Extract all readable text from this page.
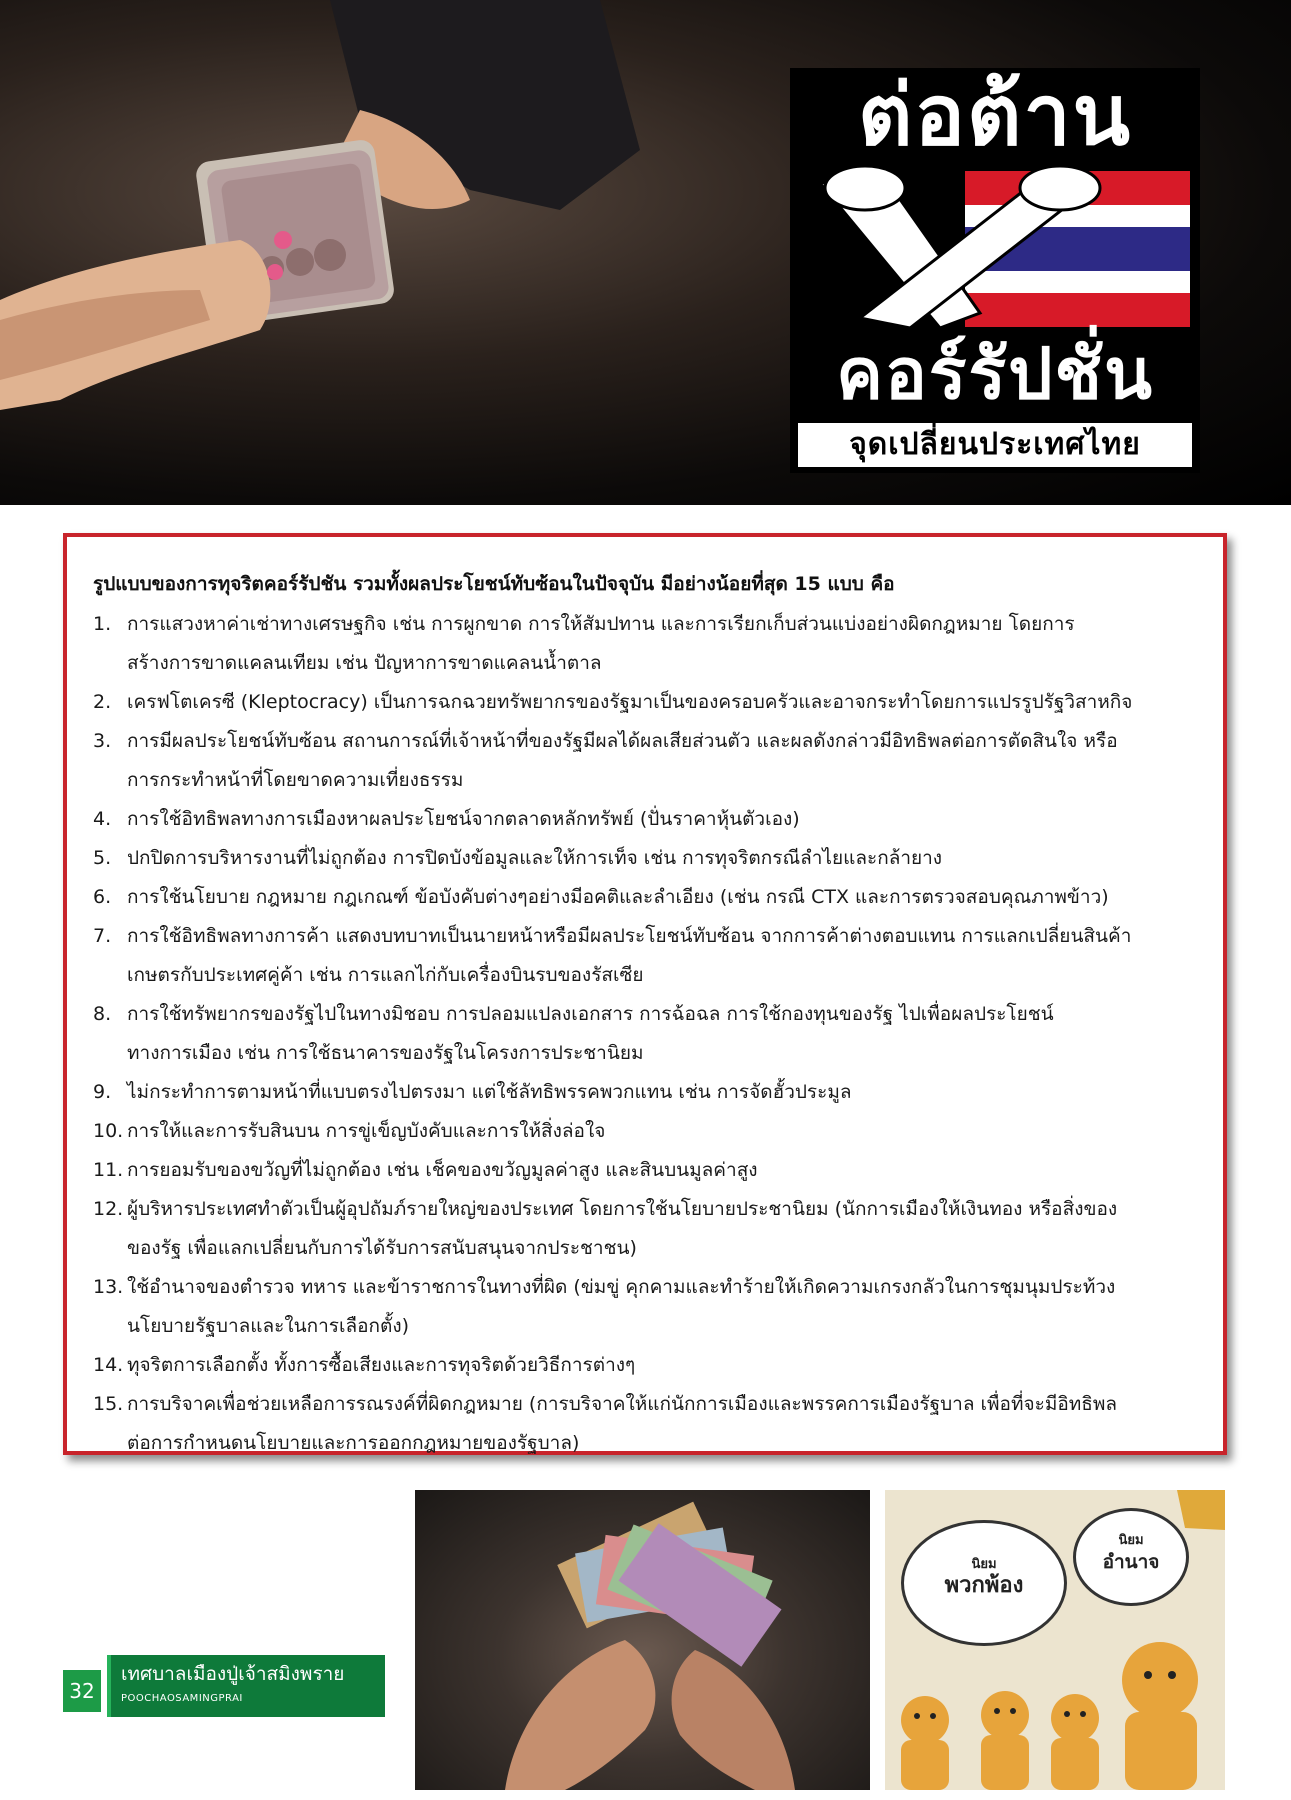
ต่อต้าน
คอร์รัปชั่น
จุดเปลี่ยนประเทศไทย
รูปแบบของการทุจริตคอร์รัปชัน รวมทั้งผลประโยชน์ทับซ้อนในปัจจุบัน มีอย่างน้อยที่สุด 15 แบบ คือ
1. การแสวงหาค่าเช่าทางเศรษฐกิจ เช่น การผูกขาด การให้สัมปทาน และการเรียกเก็บส่วนแบ่งอย่างผิดกฎหมาย โดยการ
สร้างการขาดแคลนเทียม เช่น ปัญหาการขาดแคลนน้ำตาล
2. เครฟโตเครซี (Kleptocracy) เป็นการฉกฉวยทรัพยากรของรัฐมาเป็นของครอบครัวและอาจกระทำโดยการแปรรูปรัฐวิสาหกิจ
3. การมีผลประโยชน์ทับซ้อน สถานการณ์ที่เจ้าหน้าที่ของรัฐมีผลได้ผลเสียส่วนตัว และผลดังกล่าวมีอิทธิพลต่อการตัดสินใจ หรือ
การกระทำหน้าที่โดยขาดความเที่ยงธรรม
4. การใช้อิทธิพลทางการเมืองหาผลประโยชน์จากตลาดหลักทรัพย์ (ปั่นราคาหุ้นตัวเอง)
5. ปกปิดการบริหารงานที่ไม่ถูกต้อง การปิดบังข้อมูลและให้การเท็จ เช่น การทุจริตกรณีลำไยและกล้ายาง
6. การใช้นโยบาย กฎหมาย กฎเกณฑ์ ข้อบังคับต่างๆอย่างมีอคติและลำเอียง (เช่น กรณี CTX และการตรวจสอบคุณภาพข้าว)
7. การใช้อิทธิพลทางการค้า แสดงบทบาทเป็นนายหน้าหรือมีผลประโยชน์ทับซ้อน จากการค้าต่างตอบแทน การแลกเปลี่ยนสินค้า
เกษตรกับประเทศคู่ค้า เช่น การแลกไก่กับเครื่องบินรบของรัสเซีย
8. การใช้ทรัพยากรของรัฐไปในทางมิชอบ การปลอมแปลงเอกสาร การฉ้อฉล การใช้กองทุนของรัฐ ไปเพื่อผลประโยชน์
ทางการเมือง เช่น การใช้ธนาคารของรัฐในโครงการประชานิยม
9. ไม่กระทำการตามหน้าที่แบบตรงไปตรงมา แต่ใช้ลัทธิพรรคพวกแทน เช่น การจัดฮั้วประมูล
10. การให้และการรับสินบน การขู่เข็ญบังคับและการให้สิ่งล่อใจ
11. การยอมรับของขวัญที่ไม่ถูกต้อง เช่น เช็คของขวัญมูลค่าสูง และสินบนมูลค่าสูง
12. ผู้บริหารประเทศทำตัวเป็นผู้อุปถัมภ์รายใหญ่ของประเทศ โดยการใช้นโยบายประชานิยม (นักการเมืองให้เงินทอง หรือสิ่งของ
ของรัฐ เพื่อแลกเปลี่ยนกับการได้รับการสนับสนุนจากประชาชน)
13. ใช้อำนาจของตำรวจ ทหาร และข้าราชการในทางที่ผิด (ข่มขู่ คุกคามและทำร้ายให้เกิดความเกรงกลัวในการชุมนุมประท้วง
นโยบายรัฐบาลและในการเลือกตั้ง)
14. ทุจริตการเลือกตั้ง ทั้งการซื้อเสียงและการทุจริตด้วยวิธีการต่างๆ
15. การบริจาคเพื่อช่วยเหลือการรณรงค์ที่ผิดกฎหมาย (การบริจาคให้แก่นักการเมืองและพรรคการเมืองรัฐบาล เพื่อที่จะมีอิทธิพล
ต่อการกำหนดนโยบายและการออกกฎหมายของรัฐบาล)
นิยม
พวกพ้อง
นิยม
อำนาจ
32
เทศบาลเมืองปู่เจ้าสมิงพราย
POOCHAOSAMINGPRAI
